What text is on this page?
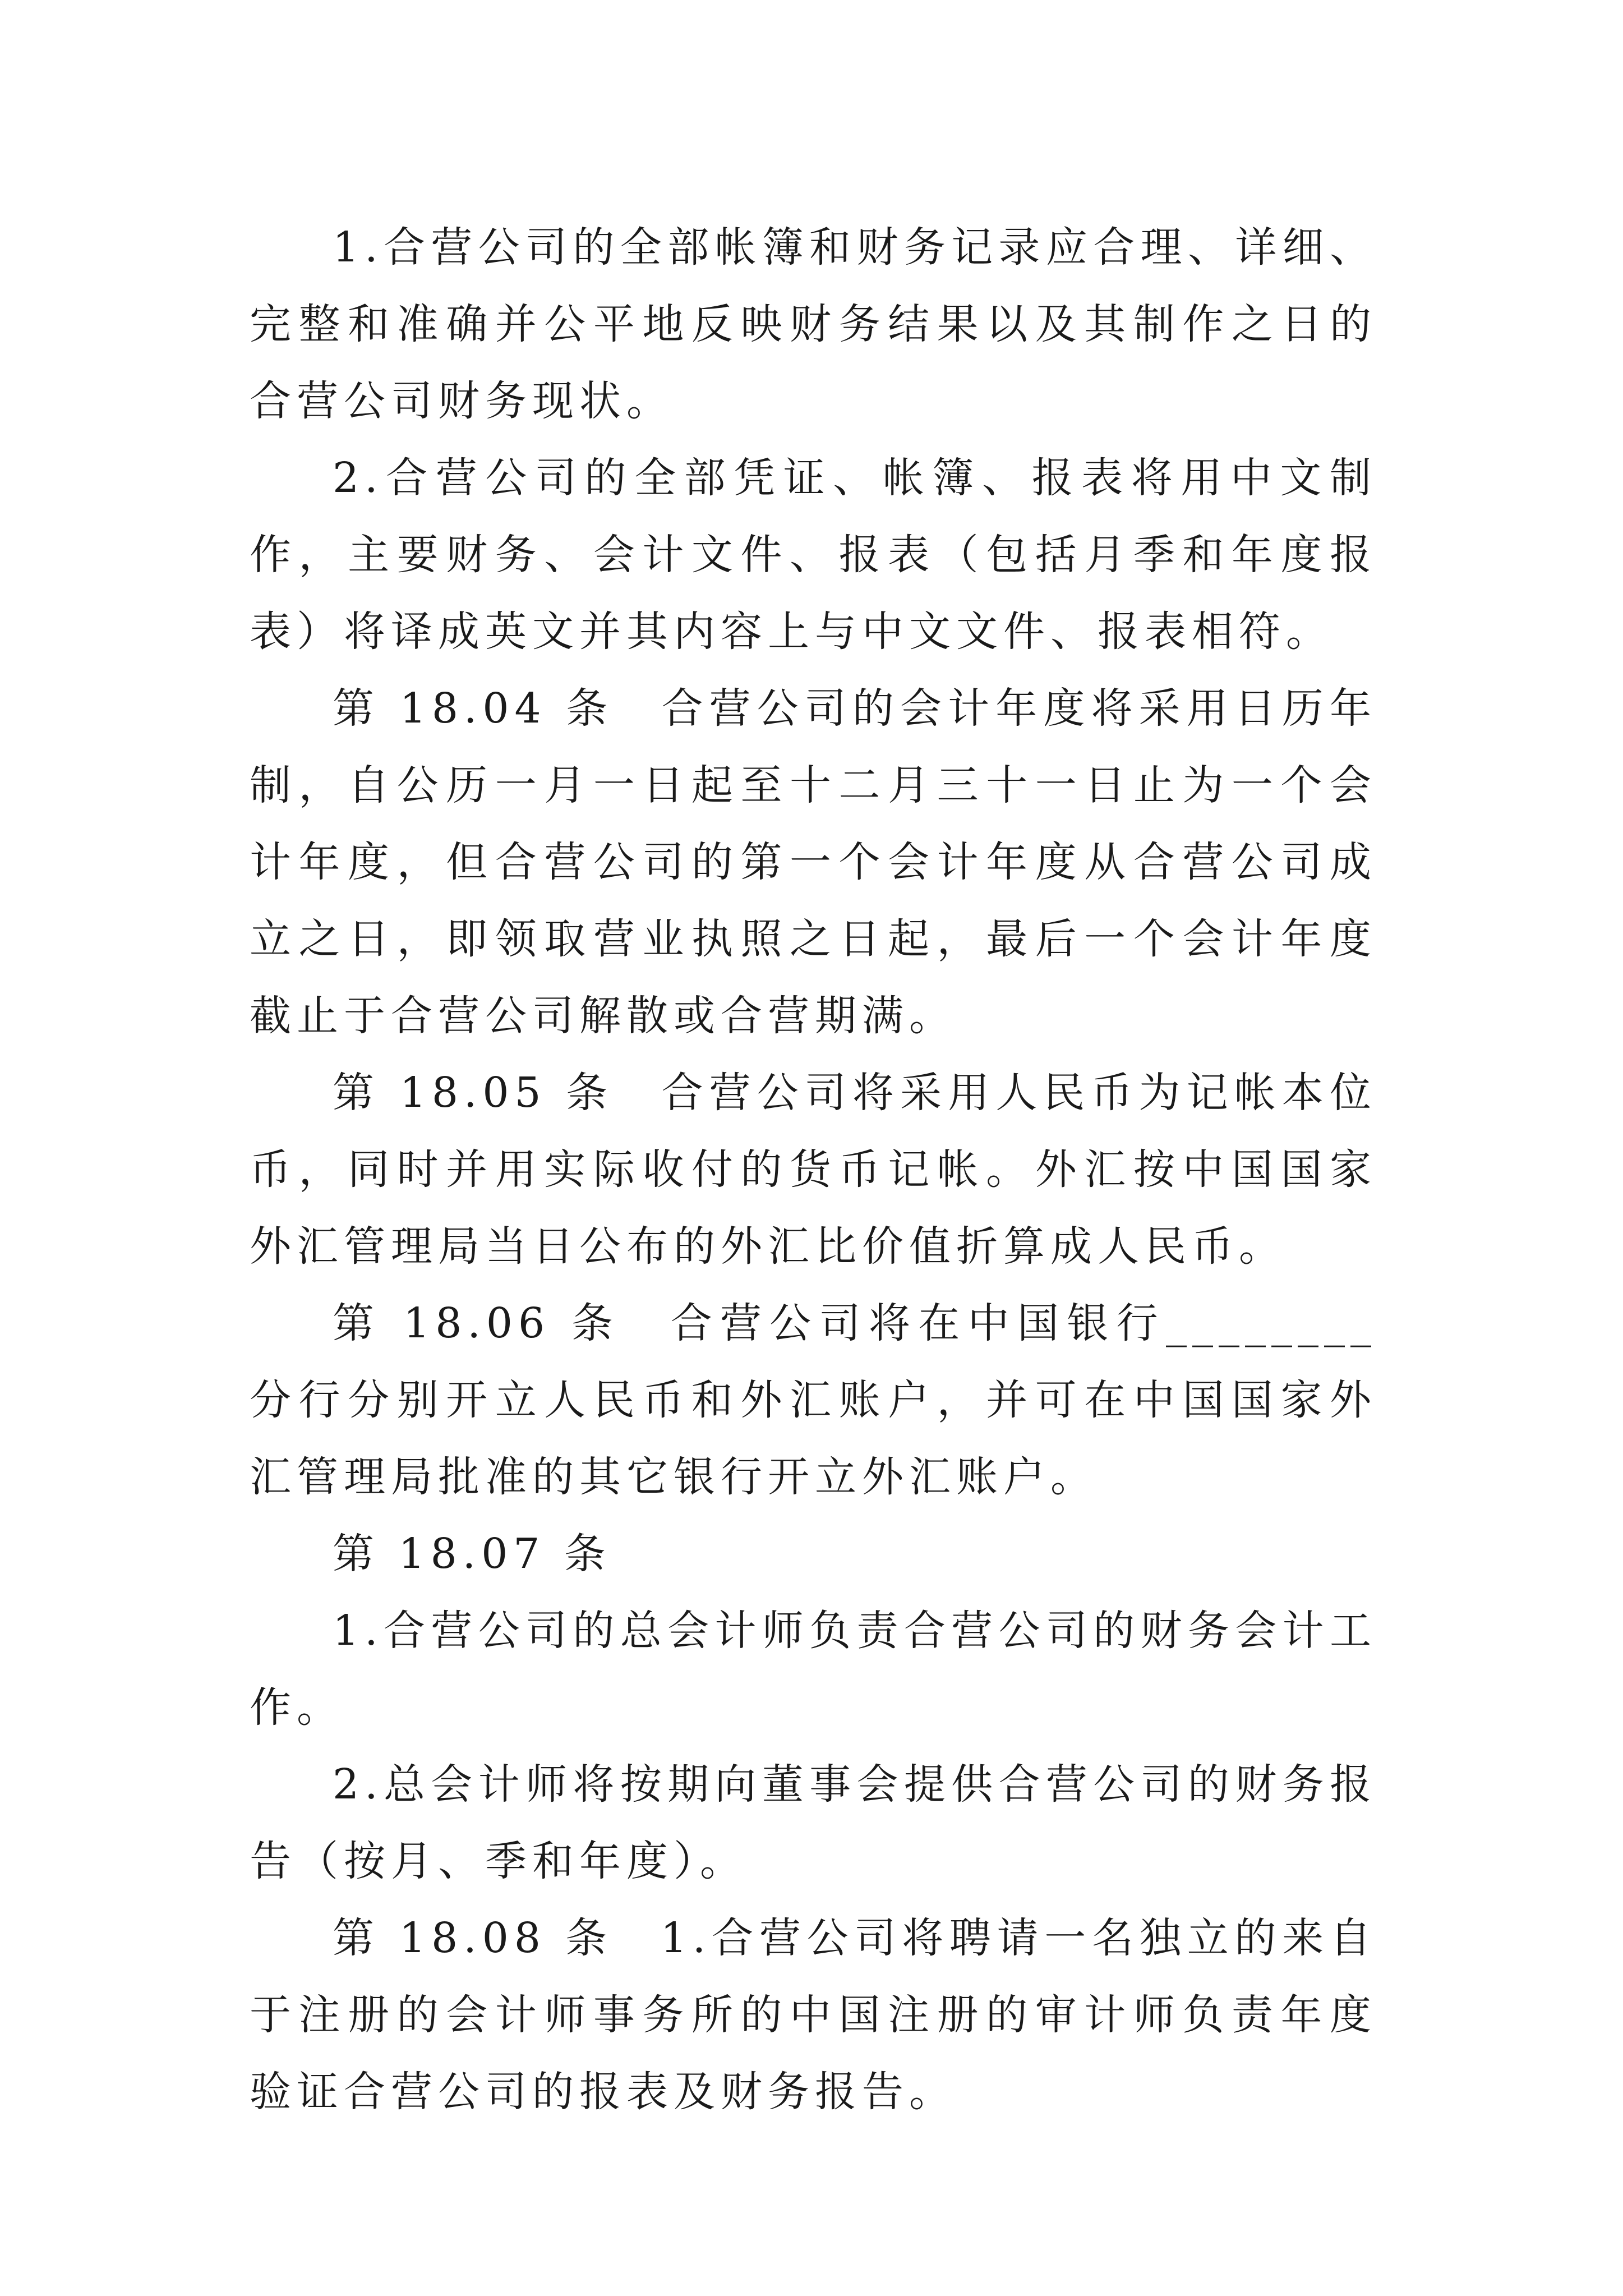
1.合营公司的全部帐簿和财务记录应合理、详细、完整和准确并公平地反映财务结果以及其制作之日的合营公司财务现状。

2.合营公司的全部凭证、帐簿、报表将用中文制作，主要财务、会计文件、报表（包括月季和年度报表）将译成英文并其内容上与中文文件、报表相符。

第 18.04 条　合营公司的会计年度将采用日历年制，自公历一月一日起至十二月三十一日止为一个会计年度，但合营公司的第一个会计年度从合营公司成立之日，即领取营业执照之日起，最后一个会计年度截止于合营公司解散或合营期满。

第 18.05 条　合营公司将采用人民币为记帐本位币，同时并用实际收付的货币记帐。外汇按中国国家外汇管理局当日公布的外汇比价值折算成人民币。

第 18.06 条　合营公司将在中国银行________分行分别开立人民币和外汇账户，并可在中国国家外汇管理局批准的其它银行开立外汇账户。

第 18.07 条

1.合营公司的总会计师负责合营公司的财务会计工作。

2.总会计师将按期向董事会提供合营公司的财务报告（按月、季和年度）。

第 18.08 条　1.合营公司将聘请一名独立的来自于注册的会计师事务所的中国注册的审计师负责年度验证合营公司的报表及财务报告。
